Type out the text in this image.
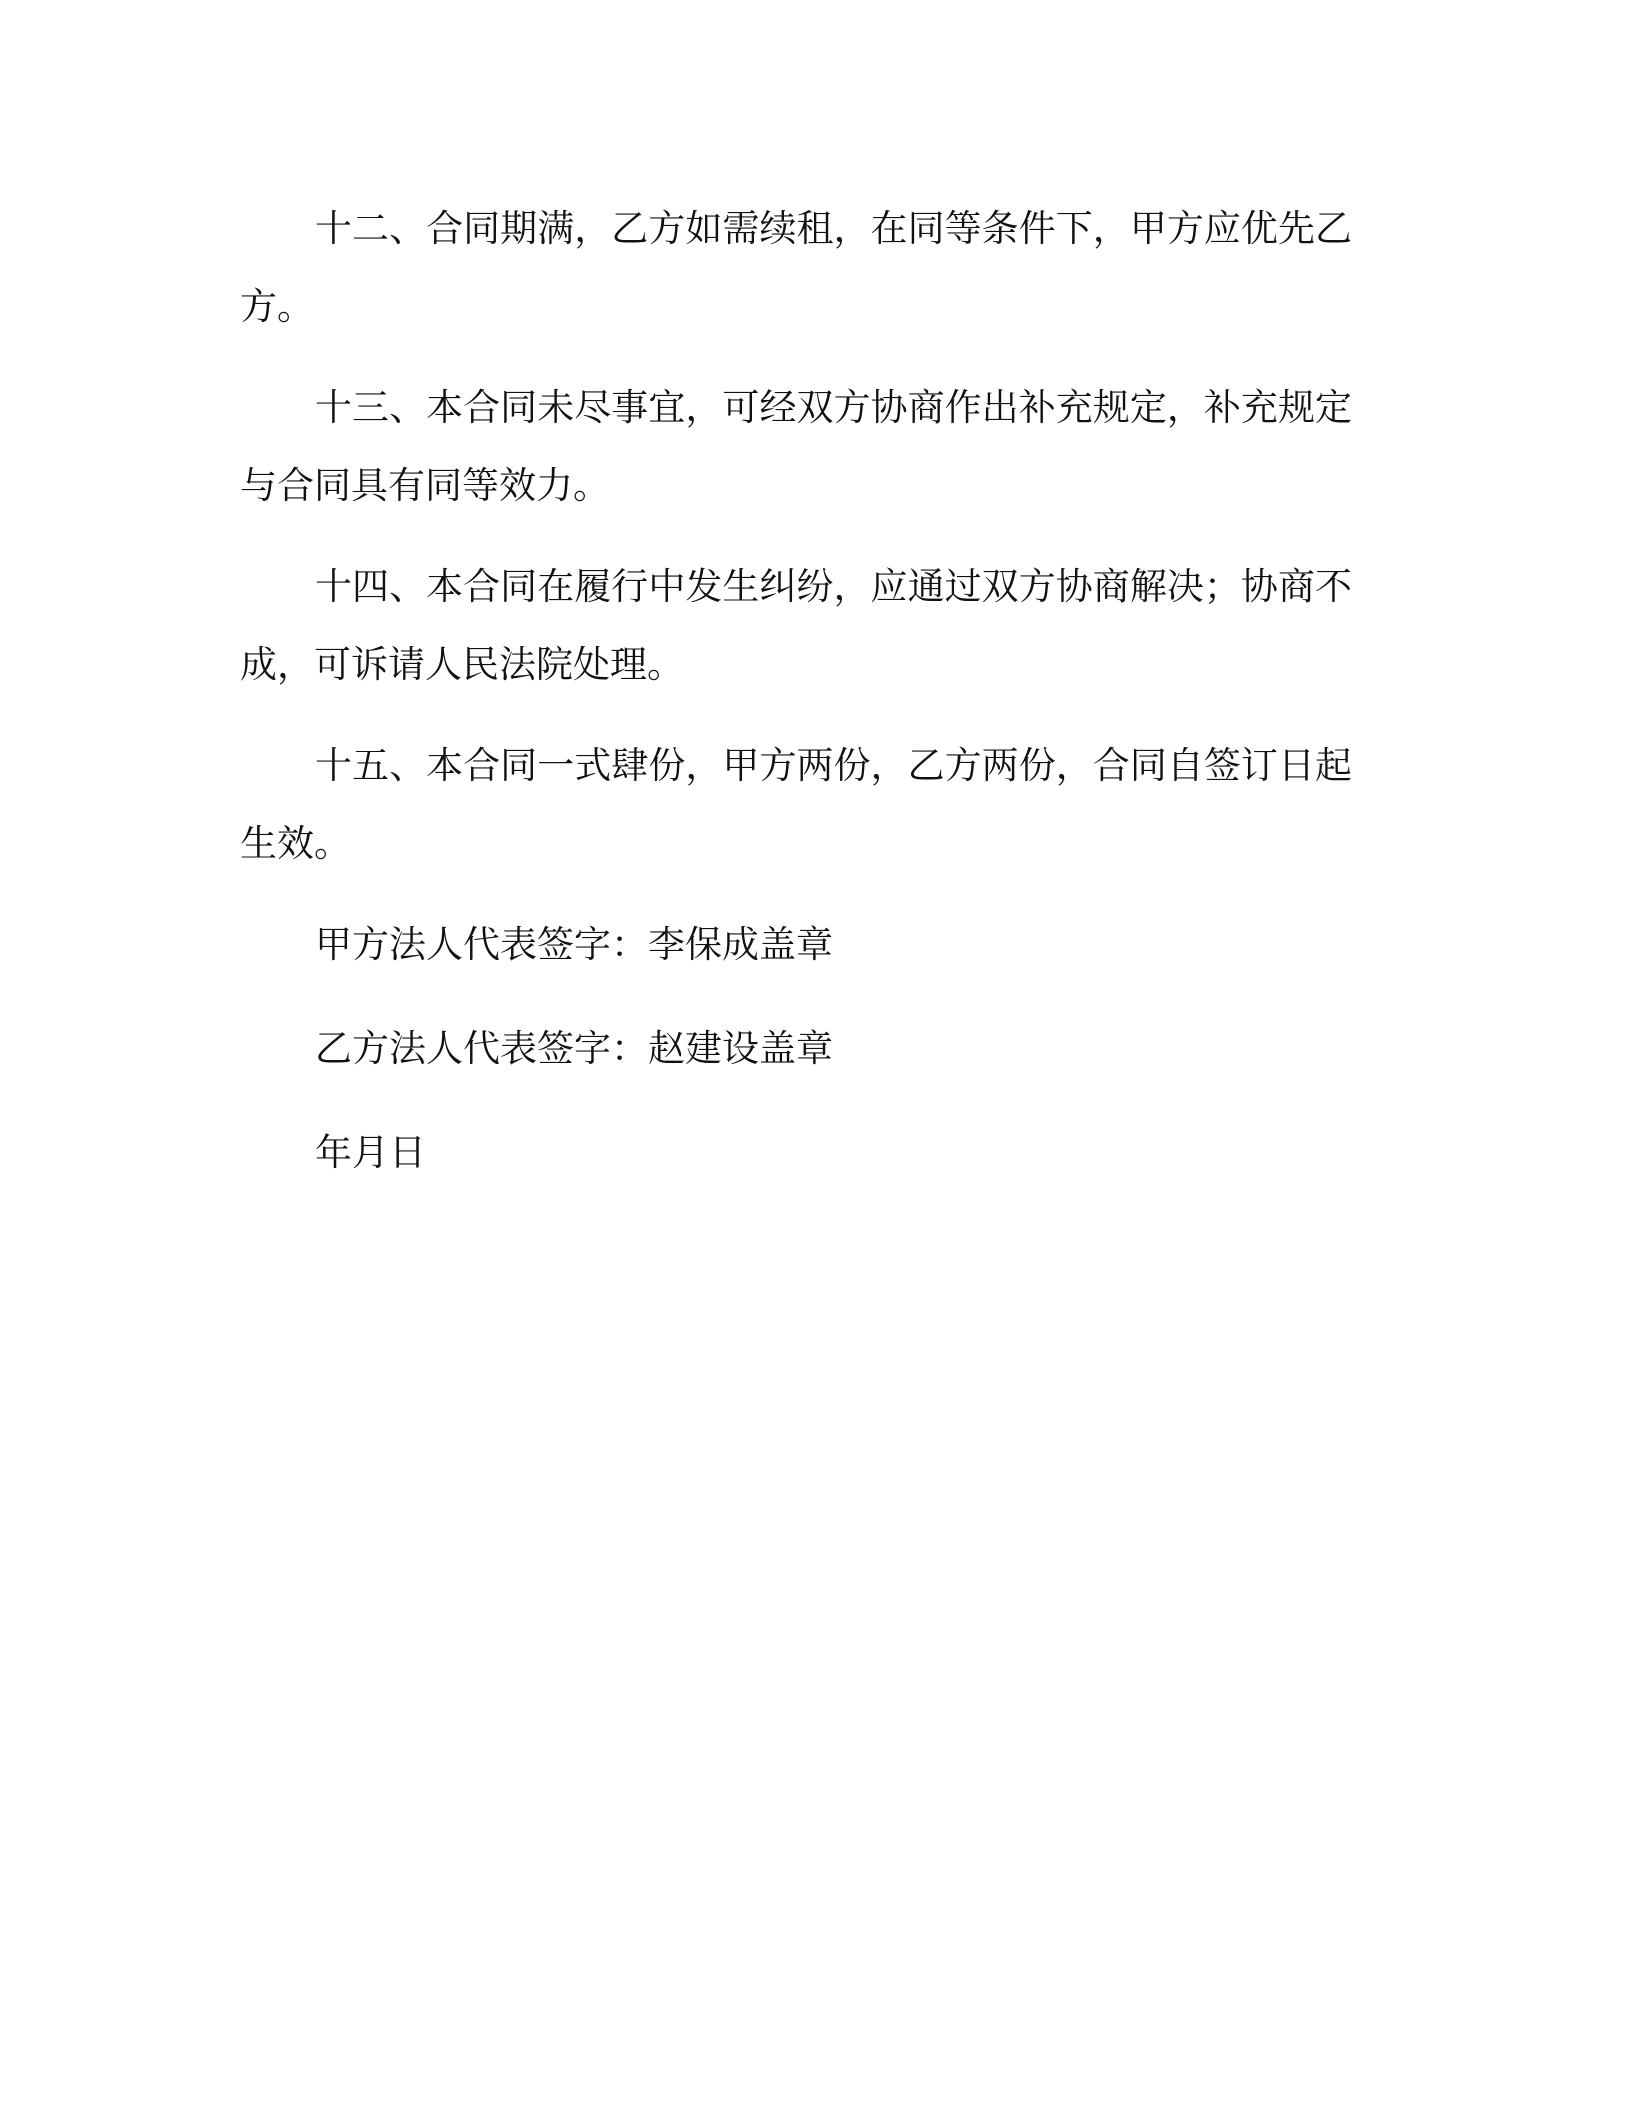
十二、合同期满，乙方如需续租，在同等条件下，甲方应优先乙方。

十三、本合同未尽事宜，可经双方协商作出补充规定，补充规定与合同具有同等效力。

十四、本合同在履行中发生纠纷，应通过双方协商解决；协商不成，可诉请人民法院处理。

十五、本合同一式肆份，甲方两份，乙方两份，合同自签订日起生效。

甲方法人代表签字：李保成盖章

乙方法人代表签字：赵建设盖章

年月日
